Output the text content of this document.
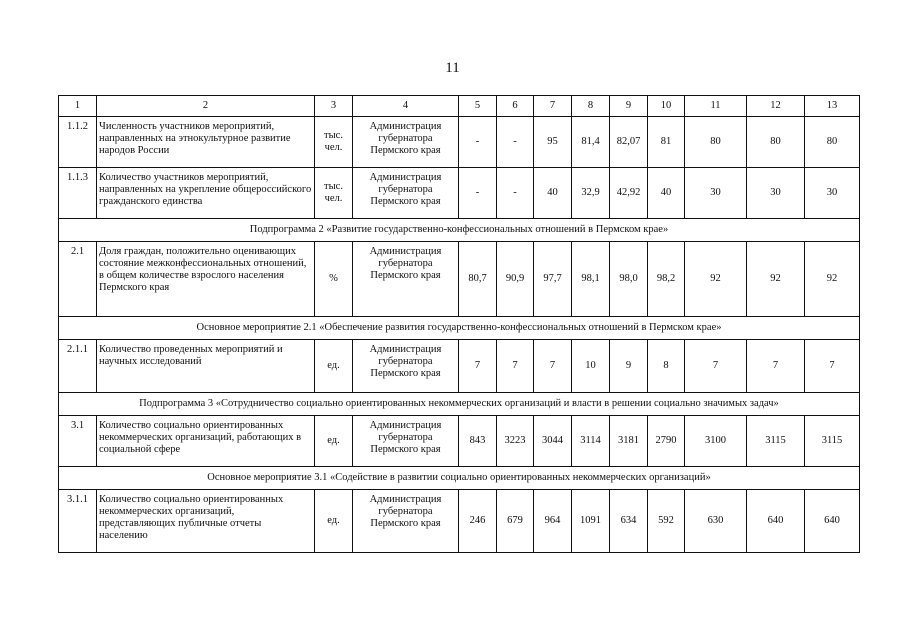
11
1	2	3	4	5	6	7	8	9	10	11	12	13
1.1.2	Численность участников мероприятий, направленных на этнокультурное развитие народов России	тыс. чел.	Администрация губернатора Пермского края	-	-	95	81,4	82,07	81	80	80	80
1.1.3	Количество участников мероприятий, направленных на укрепление общероссийского гражданского единства	тыс. чел.	Администрация губернатора Пермского края	-	-	40	32,9	42,92	40	30	30	30
Подпрограмма 2 «Развитие государственно-конфессиональных отношений в Пермском крае»												
2.1	Доля граждан, положительно оценивающих состояние межконфессиональных отношений, в общем количестве взрослого населения Пермского края	%	Администрация губернатора Пермского края	80,7	90,9	97,7	98,1	98,0	98,2	92	92	92
Основное мероприятие 2.1 «Обеспечение развития государственно-конфессиональных отношений в Пермском крае»												
2.1.1	Количество проведенных мероприятий и научных исследований	ед.	Администрация губернатора Пермского края	7	7	7	10	9	8	7	7	7
Подпрограмма 3 «Сотрудничество социально ориентированных некоммерческих организаций и власти в решении социально значимых задач»												
3.1	Количество социально ориентированных некоммерческих организаций, работающих в социальной сфере	ед.	Администрация губернатора Пермского края	843	3223	3044	3114	3181	2790	3100	3115	3115
Основное мероприятие 3.1 «Содействие в развитии социально ориентированных некоммерческих организаций»												
3.1.1	Количество социально ориентированных некоммерческих организаций, представляющих публичные отчеты населению	ед.	Администрация губернатора Пермского края	246	679	964	1091	634	592	630	640	640
